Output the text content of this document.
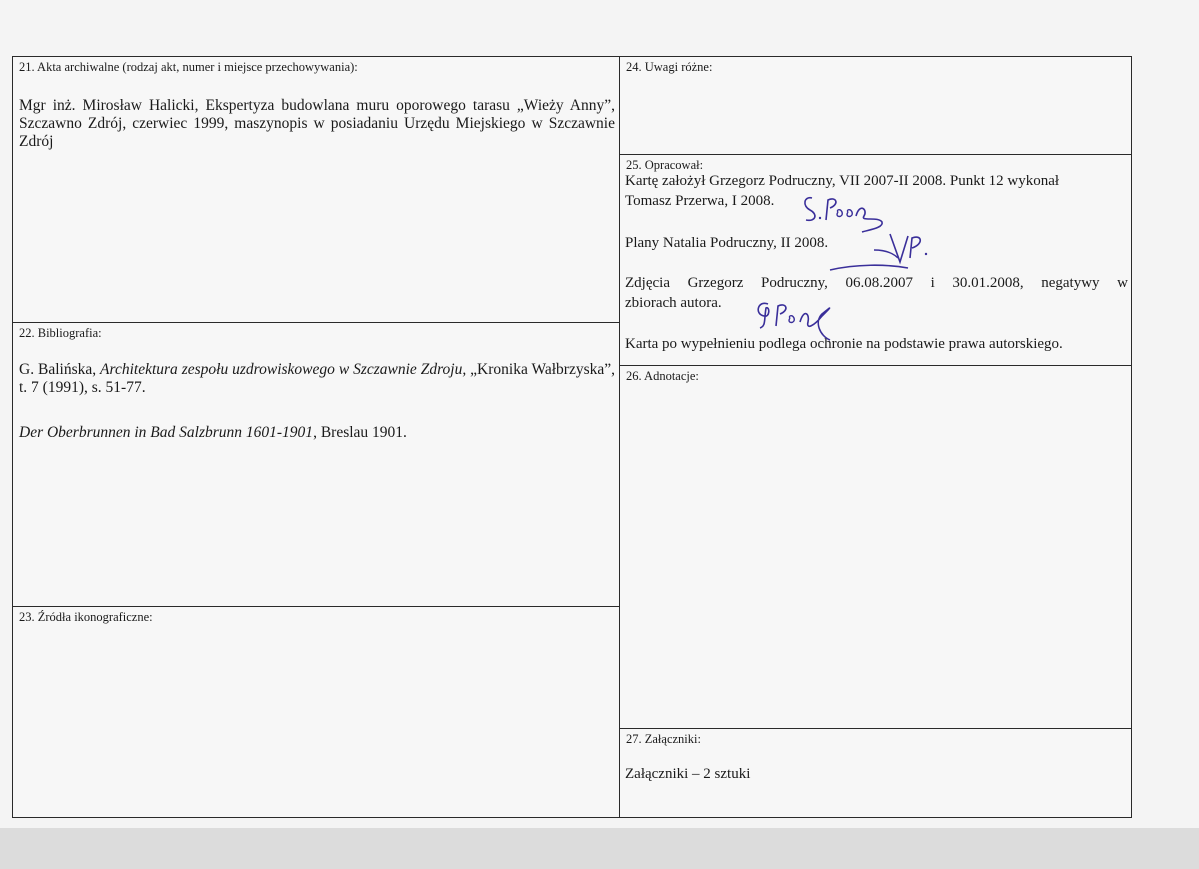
21. Akta archiwalne (rodzaj akt, numer i miejsce przechowywania):
Mgr inż. Mirosław Halicki, Ekspertyza budowlana muru oporowego tarasu „Wieży Anny”, Szczawno Zdrój, czerwiec 1999, maszynopis w posiadaniu Urzędu Miejskiego w Szczawnie Zdrój
22. Bibliografia:
G. Balińska, Architektura zespołu uzdrowiskowego w Szczawnie Zdroju, „Kronika Wałbrzyska”, t. 7 (1991), s. 51-77.
Der Oberbrunnen in Bad Salzbrunn 1601-1901, Breslau 1901.
23. Źródła ikonograficzne:
24. Uwagi różne:
25. Opracował:
Kartę założył Grzegorz Podruczny, VII 2007-II 2008. Punkt 12 wykonał
Tomasz Przerwa, I 2008.
Plany Natalia Podruczny, II 2008.
Zdjęcia Grzegorz Podruczny, 06.08.2007 i 30.01.2008, negatywy w
zbiorach autora.
Karta po wypełnieniu podlega ochronie na podstawie prawa autorskiego.
26. Adnotacje:
27. Załączniki:
Załączniki – 2 sztuki
